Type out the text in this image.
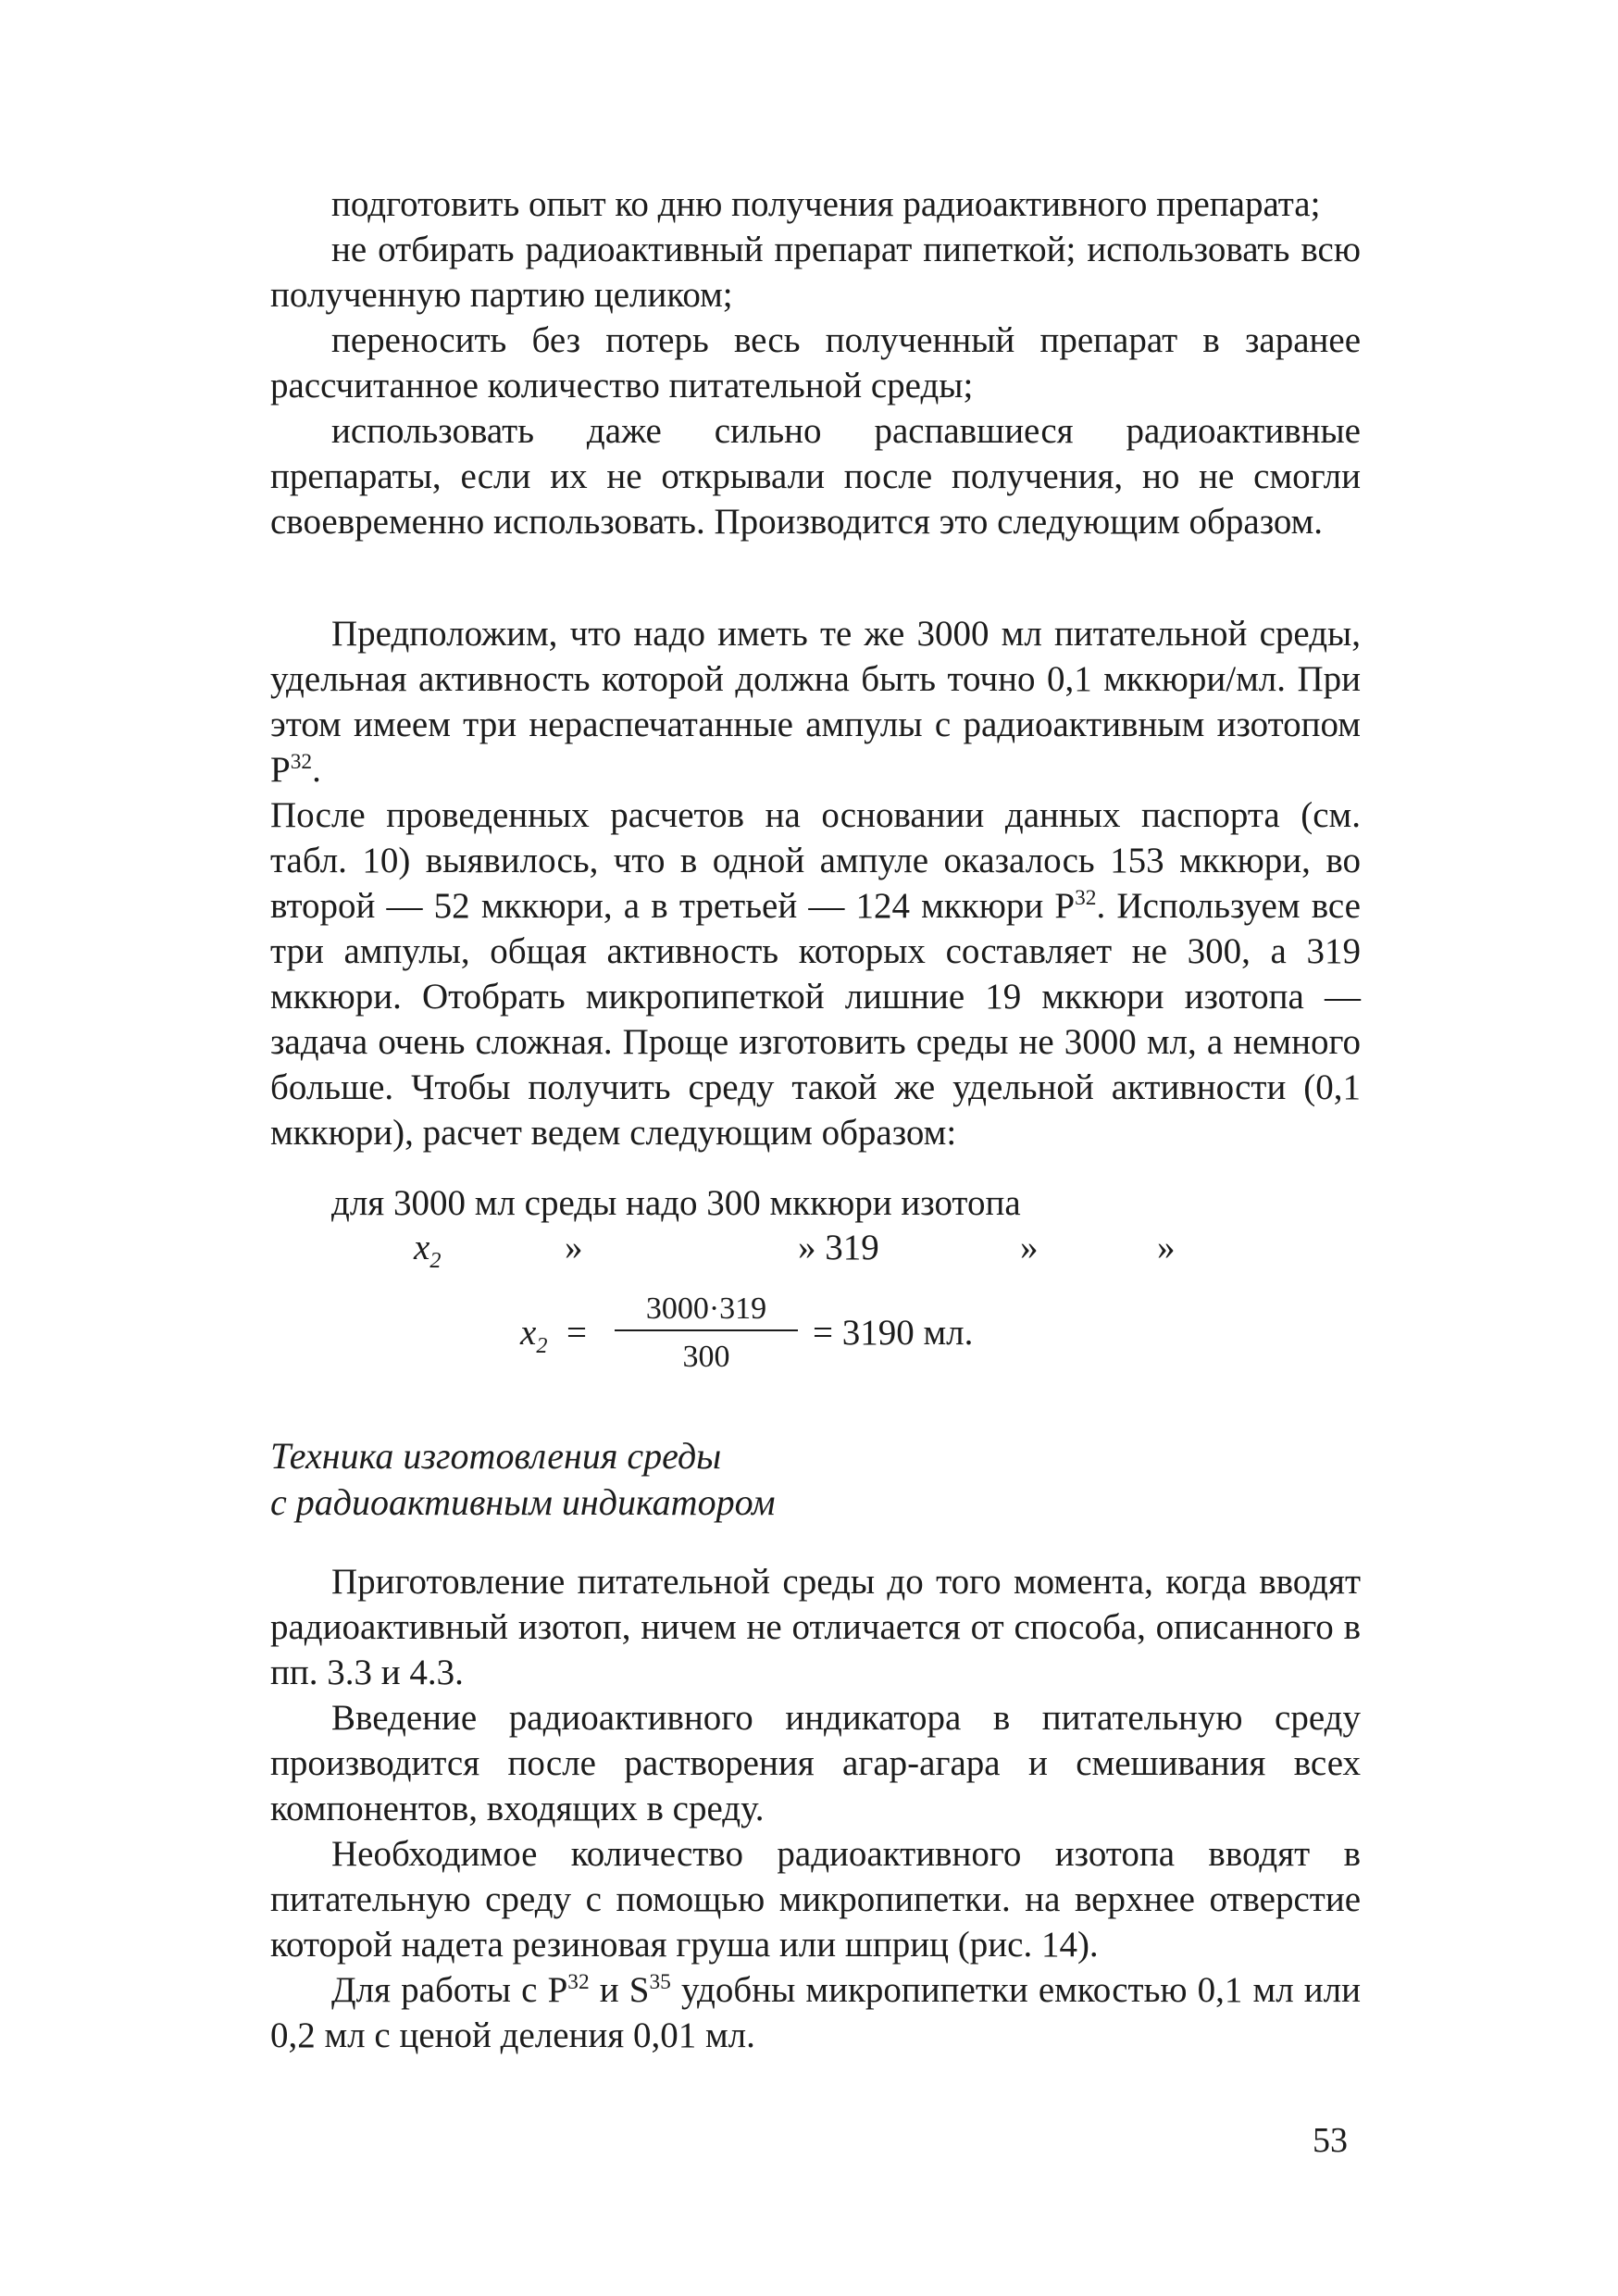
подготовить опыт ко дню получения радиоактивного препарата;

не отбирать радиоактивный препарат пипеткой; использовать всю полученную партию целиком;

переносить без потерь весь полученный препарат в заранее рассчитанное количество питательной среды;

использовать даже сильно распавшиеся радиоактивные препараты, если их не открывали после получения, но не смогли своевременно использовать. Производится это следующим образом.

Предположим, что надо иметь те же 3000 мл питательной среды, удельная активность которой должна быть точно 0,1 мккюри/мл. При этом имеем три нераспечатанные ампулы с радиоактивным изотопом $Р^{32}$.

После проведенных расчетов на основании данных паспорта (см. табл. 10) выявилось, что в одной ампуле оказалось 153 мккюри, во второй — 52 мккюри, а в третьей — 124 мккюри $Р^{32}$. Используем все три ампулы, общая активность которых составляет не 300, а 319 мккюри. Отобрать микропипеткой лишние 19 мккюри изотопа — задача очень сложная. Проще изготовить среды не 3000 мл, а немного больше. Чтобы получить среду такой же удельной активности (0,1 мккюри), расчет ведем следующим образом:

для 3000 мл среды надо 300 мккюри изотопа
$x_2$	»	» 319	»	»
$x_2$ =
3000·319
300
= 3190 мл.
Техника изготовления среды
с радиоактивным индикатором

Приготовление питательной среды до того момента, когда вводят радиоактивный изотоп, ничем не отличается от способа, описанного в пп. 3.3 и 4.3.

Введение радиоактивного индикатора в питательную среду производится после растворения агар-агара и смешивания всех компонентов, входящих в среду.

Необходимое количество радиоактивного изотопа вводят в питательную среду с помощью микропипетки. на верхнее отверстие которой надета резиновая груша или шприц (рис. 14).

Для работы с $Р^{32}$ и $S^{35}$ удобны микропипетки емкостью 0,1 мл или 0,2 мл с ценой деления 0,01 мл.

53
